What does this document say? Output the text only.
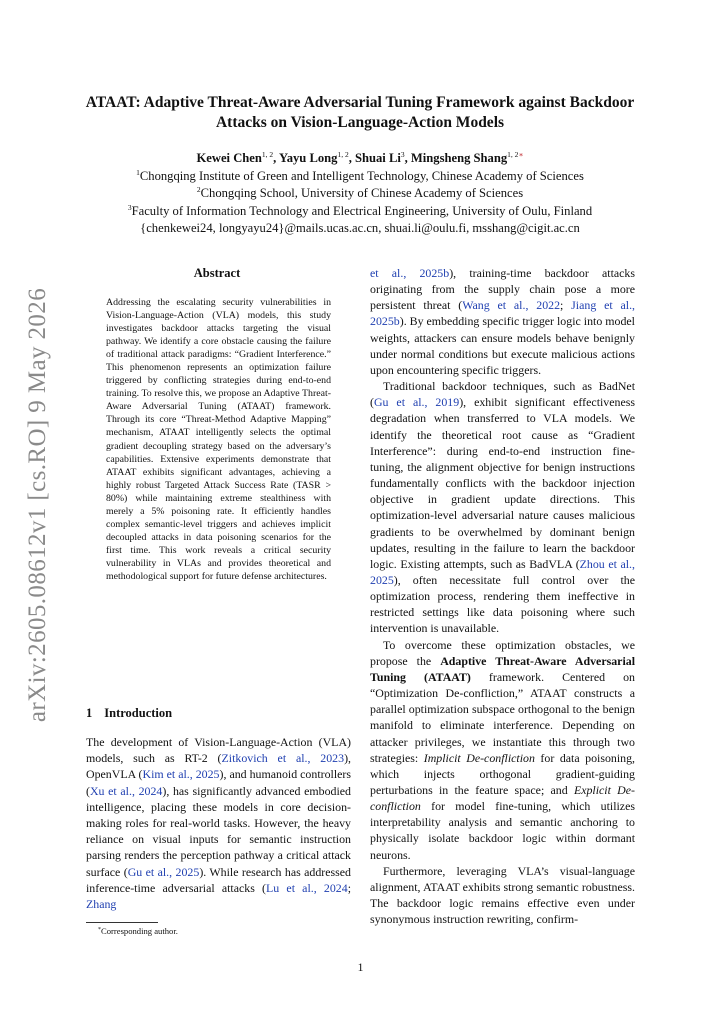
ATAAT: Adaptive Threat-Aware Adversarial Tuning Framework against Backdoor Attacks on Vision-Language-Action Models
Kewei Chen$^{1, 2}$, Yayu Long$^{1, 2}$, Shuai Li$^3$, Mingsheng Shang$^{1, 2∗}$
$^1$Chongqing Institute of Green and Intelligent Technology, Chinese Academy of Sciences
$^2$Chongqing School, University of Chinese Academy of Sciences
$^3$Faculty of Information Technology and Electrical Engineering, University of Oulu, Finland
{chenkewei24, longyayu24}@mails.ucas.ac.cn, shuai.li@oulu.fi, msshang@cigit.ac.cn
arXiv:2605.08612v1 [cs.RO] 9 May 2026
Abstract

Addressing the escalating security vulnerabilities in Vision-Language-Action (VLA) models, this study investigates backdoor attacks targeting the visual pathway. We identify a core obstacle causing the failure of traditional attack paradigms: “Gradient Interference.” This phenomenon represents an optimization failure triggered by conflicting strategies during end-to-end training. To resolve this, we propose an Adaptive Threat-Aware Adversarial Tuning (ATAAT) framework. Through its core “Threat-Method Adaptive Mapping” mechanism, ATAAT intelligently selects the optimal gradient decoupling strategy based on the adversary’s capabilities. Extensive experiments demonstrate that ATAAT exhibits significant advantages, achieving a highly robust Targeted Attack Success Rate (TASR > 80%) while maintaining extreme stealthiness with merely a 5% poisoning rate. It efficiently handles complex semantic-level triggers and achieves implicit decoupled attacks in data poisoning scenarios for the first time. This work reveals a critical security vulnerability in VLAs and provides theoretical and methodological support for future defense architectures.

1 Introduction

The development of Vision-Language-Action (VLA) models, such as RT-2 (Zitkovich et al., 2023), OpenVLA (Kim et al., 2025), and humanoid controllers (Xu et al., 2024), has significantly advanced embodied intelligence, placing these models in core decision-making roles for real-world tasks. However, the heavy reliance on visual inputs for semantic instruction parsing renders the perception pathway a critical attack surface (Gu et al., 2025). While research has addressed inference-time adversarial attacks (Lu et al., 2024; Zhang

et al., 2025b), training-time backdoor attacks originating from the supply chain pose a more persistent threat (Wang et al., 2022; Jiang et al., 2025b). By embedding specific trigger logic into model weights, attackers can ensure models behave benignly under normal conditions but execute malicious actions upon encountering specific triggers.

Traditional backdoor techniques, such as BadNet (Gu et al., 2019), exhibit significant effectiveness degradation when transferred to VLA models. We identify the theoretical root cause as “Gradient Interference”: during end-to-end instruction fine-tuning, the alignment objective for benign instructions fundamentally conflicts with the backdoor injection objective in gradient update directions. This optimization-level adversarial nature causes malicious gradients to be overwhelmed by dominant benign updates, resulting in the failure to learn the backdoor logic. Existing attempts, such as BadVLA (Zhou et al., 2025), often necessitate full control over the optimization process, rendering them ineffective in restricted settings like data poisoning where such intervention is unavailable.

To overcome these optimization obstacles, we propose the Adaptive Threat-Aware Adversarial Tuning (ATAAT) framework. Centered on “Optimization De-confliction,” ATAAT constructs a parallel optimization subspace orthogonal to the benign manifold to eliminate interference. Depending on attacker privileges, we instantiate this through two strategies: Implicit De-confliction for data poisoning, which injects orthogonal gradient-guiding perturbations in the feature space; and Explicit De-confliction for model fine-tuning, which utilizes interpretability analysis and semantic anchoring to physically isolate backdoor logic within dormant neurons.

Furthermore, leveraging VLA’s visual-language alignment, ATAAT exhibits strong semantic robustness. The backdoor logic remains effective even under synonymous instruction rewriting, confirm-

*Corresponding author.
1
